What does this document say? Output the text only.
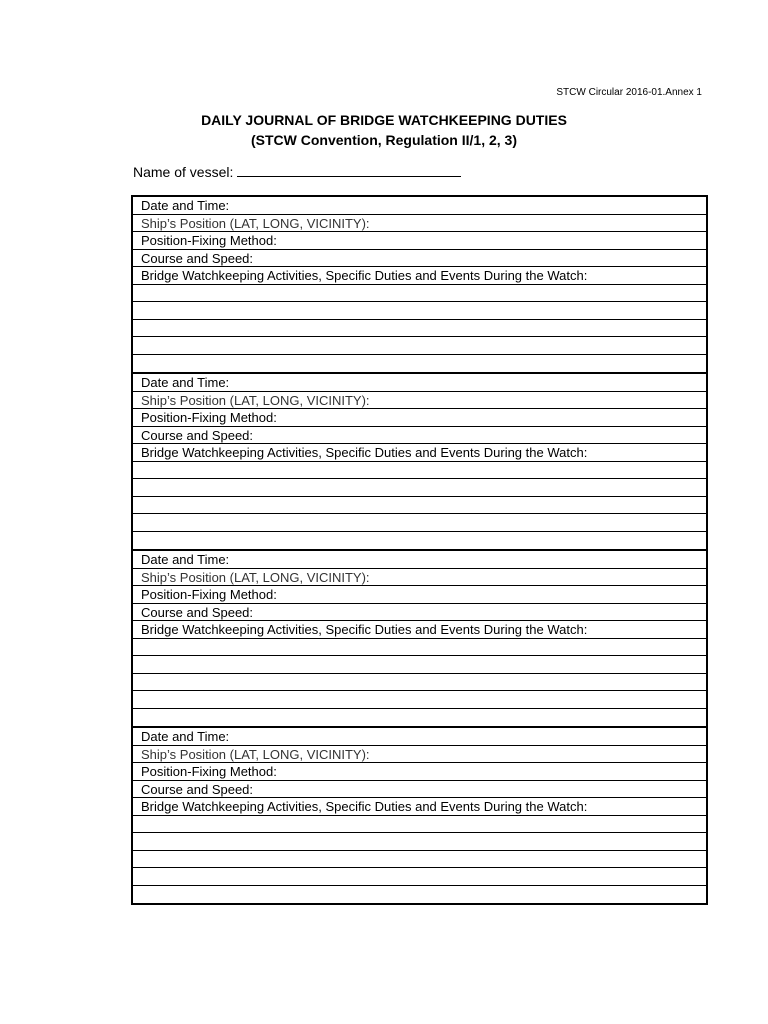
STCW Circular 2016-01.Annex 1
DAILY JOURNAL OF BRIDGE WATCHKEEPING DUTIES
(STCW Convention, Regulation II/1, 2, 3)
Name of vessel:
Date and Time:
Ship’s Position (LAT, LONG, VICINITY):
Position-Fixing Method:
Course and Speed:
Bridge Watchkeeping Activities, Specific Duties and Events During the Watch:
Date and Time:
Ship’s Position (LAT, LONG, VICINITY):
Position-Fixing Method:
Course and Speed:
Bridge Watchkeeping Activities, Specific Duties and Events During the Watch:
Date and Time:
Ship’s Position (LAT, LONG, VICINITY):
Position-Fixing Method:
Course and Speed:
Bridge Watchkeeping Activities, Specific Duties and Events During the Watch:
Date and Time:
Ship’s Position (LAT, LONG, VICINITY):
Position-Fixing Method:
Course and Speed:
Bridge Watchkeeping Activities, Specific Duties and Events During the Watch:
